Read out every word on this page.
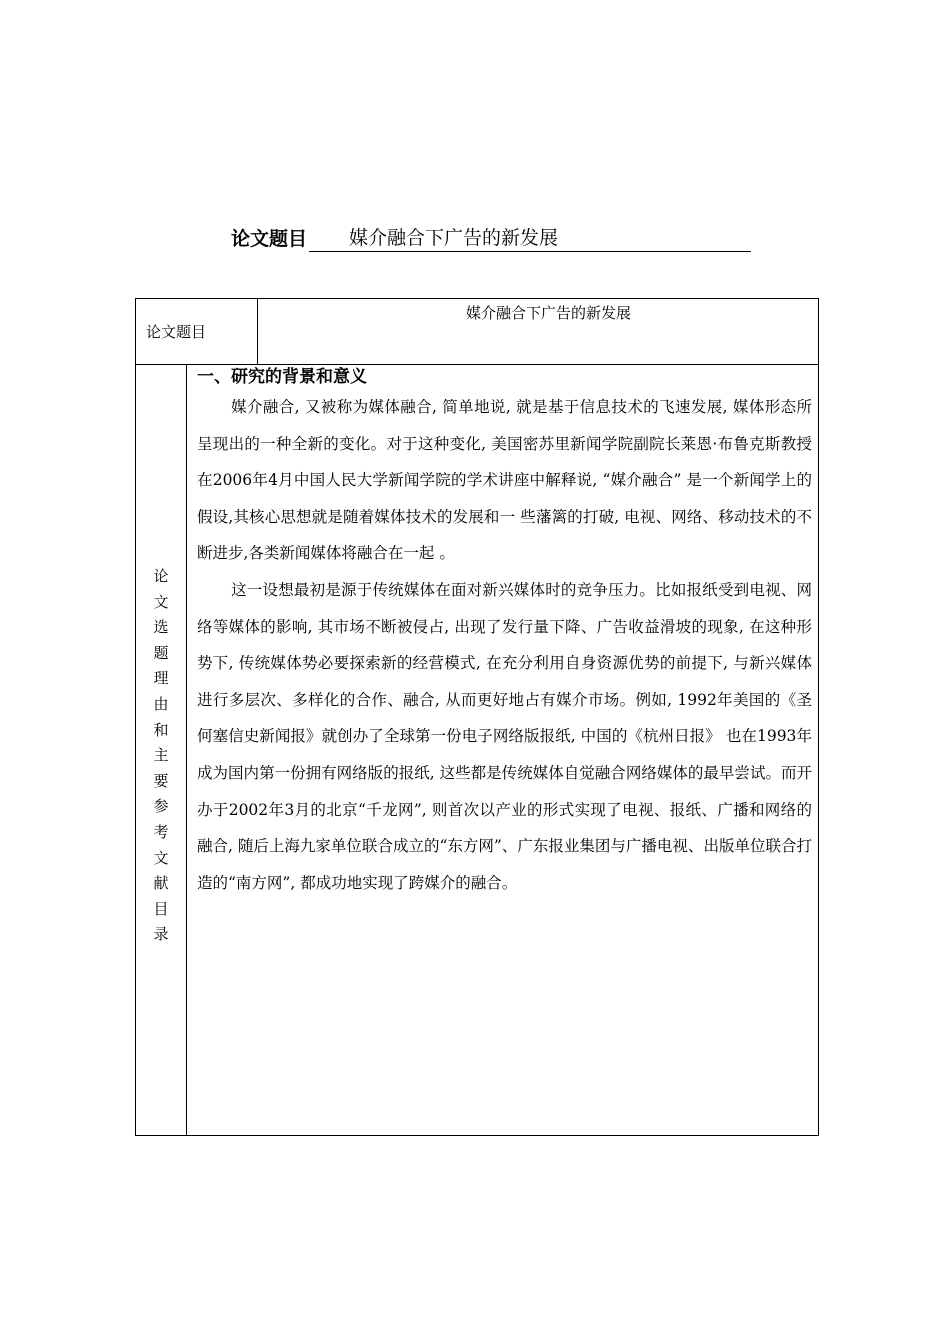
论文题目	媒介融合下广告的新发展
论文题目
媒介融合下广告的新发展
论
文
选
题
理
由
和
主
要
参
考
文
献
目
录
一、研究的背景和意义

媒介融合, 又被称为媒体融合, 简单地说, 就是基于信息技术的飞速发展, 媒体形态所呈现出的一种全新的变化。对于这种变化, 美国密苏里新闻学院副院长莱恩·布鲁克斯教授在2006年4月中国人民大学新闻学院的学术讲座中解释说, “媒介融合” 是一个新闻学上的假设,其核心思想就是随着媒体技术的发展和一 些藩篱的打破, 电视、网络、移动技术的不断进步,各类新闻媒体将融合在一起 。

这一设想最初是源于传统媒体在面对新兴媒体时的竞争压力。比如报纸受到电视、网络等媒体的影响, 其市场不断被侵占, 出现了发行量下降、广告收益滑坡的现象, 在这种形势下, 传统媒体势必要探索新的经营模式, 在充分利用自身资源优势的前提下, 与新兴媒体进行多层次、多样化的合作、融合, 从而更好地占有媒介市场。例如, 1992年美国的《圣何塞信史新闻报》就创办了全球第一份电子网络版报纸, 中国的《杭州日报》 也在1993年成为国内第一份拥有网络版的报纸, 这些都是传统媒体自觉融合网络媒体的最早尝试。而开办于2002年3月的北京“千龙网”, 则首次以产业的形式实现了电视、报纸、广播和网络的融合, 随后上海九家单位联合成立的“东方网”、广东报业集团与广播电视、出版单位联合打造的“南方网”, 都成功地实现了跨媒介的融合。
